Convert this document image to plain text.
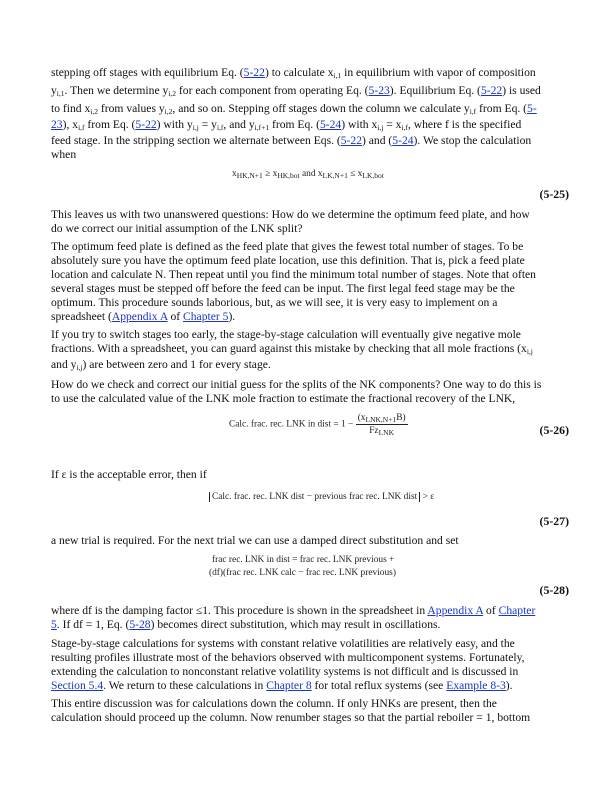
stepping off stages with equilibrium Eq. (5-22) to calculate $x_{i,1}$ in equilibrium with vapor of composition
$y_{i,1}$. Then we determine $y_{i,2}$ for each component from operating Eq. (5-23). Equilibrium Eq. (5-22) is used
to find $x_{i,2}$ from values $y_{i,2}$, and so on. Stepping off stages down the column we calculate $y_{i,f}$ from Eq. (5-
23), $x_{i,f}$ from Eq. (5-22) with $y_{i,j} = y_{i,f}$, and $y_{i,f+1}$ from Eq. (5-24) with $x_{i,j} = x_{i,f}$, where f is the specified
feed stage. In the stripping section we alternate between Eqs. (5-22) and (5-24). We stop the calculation
when
$x_{HK,N+1} \ge x_{HK,bot}$ and $x_{LK,N+1} \le x_{LK,bot}$
(5-25)
This leaves us with two unanswered questions: How do we determine the optimum feed plate, and how
do we correct our initial assumption of the LNK split?
The optimum feed plate is defined as the feed plate that gives the fewest total number of stages. To be
absolutely sure you have the optimum feed plate location, use this definition. That is, pick a feed plate
location and calculate N. Then repeat until you find the minimum total number of stages. Note that often
several stages must be stepped off before the feed can be input. The first legal feed stage may be the
optimum. This procedure sounds laborious, but, as we will see, it is very easy to implement on a
spreadsheet (Appendix A of Chapter 5).
If you try to switch stages too early, the stage-by-stage calculation will eventually give negative mole
fractions. With a spreadsheet, you can guard against this mistake by checking that all mole fractions ($x_{i,j}$
and $y_{i,j}$) are between zero and 1 for every stage.
How do we check and correct our initial guess for the splits of the NK components? One way to do this is
to use the calculated value of the LNK mole fraction to estimate the fractional recovery of the LNK,
Calc. frac. rec. LNK in dist = $1 - \frac{(x_{LNK,N+1}B)}{Fz_{LNK}}$	(5-26)
If ε is the acceptable error, then if
Calc. frac. rec. LNK dist − previous frac rec. LNK dist > ε
(5-27)
a new trial is required. For the next trial we can use a damped direct substitution and set
frac rec. LNK in dist = frac rec. LNK previous +
(df)(frac rec. LNK calc − frac rec. LNK previous)
(5-28)
where df is the damping factor ≤1. This procedure is shown in the spreadsheet in Appendix A of Chapter
5. If df = 1, Eq. (5-28) becomes direct substitution, which may result in oscillations.
Stage-by-stage calculations for systems with constant relative volatilities are relatively easy, and the
resulting profiles illustrate most of the behaviors observed with multicomponent systems. Fortunately,
extending the calculation to nonconstant relative volatility systems is not difficult and is discussed in
Section 5.4. We return to these calculations in Chapter 8 for total reflux systems (see Example 8-3).
This entire discussion was for calculations down the column. If only HNKs are present, then the
calculation should proceed up the column. Now renumber stages so that the partial reboiler = 1, bottom
